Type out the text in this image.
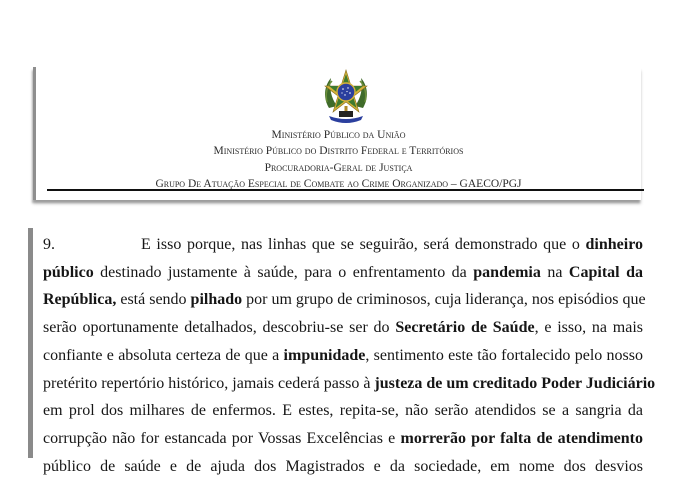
Ministério Público da União
Ministério Público do Distrito Federal e Territórios
Procuradoria-Geral de Justiça
Grupo De Atuação Especial de Combate ao Crime Organizado – GAECO/PGJ
9.	E isso porque, nas linhas que se seguirão, será demonstrado que o dinheiro
público destinado justamente à saúde, para o enfrentamento da pandemia na Capital da
República, está sendo pilhado por um grupo de criminosos, cuja liderança, nos episódios que
serão oportunamente detalhados, descobriu-se ser do Secretário de Saúde, e isso, na mais
confiante e absoluta certeza de que a impunidade, sentimento este tão fortalecido pelo nosso
pretérito repertório histórico, jamais cederá passo à justeza de um creditado Poder Judiciário
em prol dos milhares de enfermos. E estes, repita-se, não serão atendidos se a sangria da
corrupção não for estancada por Vossas Excelências e morrerão por falta de atendimento
público de saúde e de ajuda dos Magistrados e da sociedade, em nome dos desvios
